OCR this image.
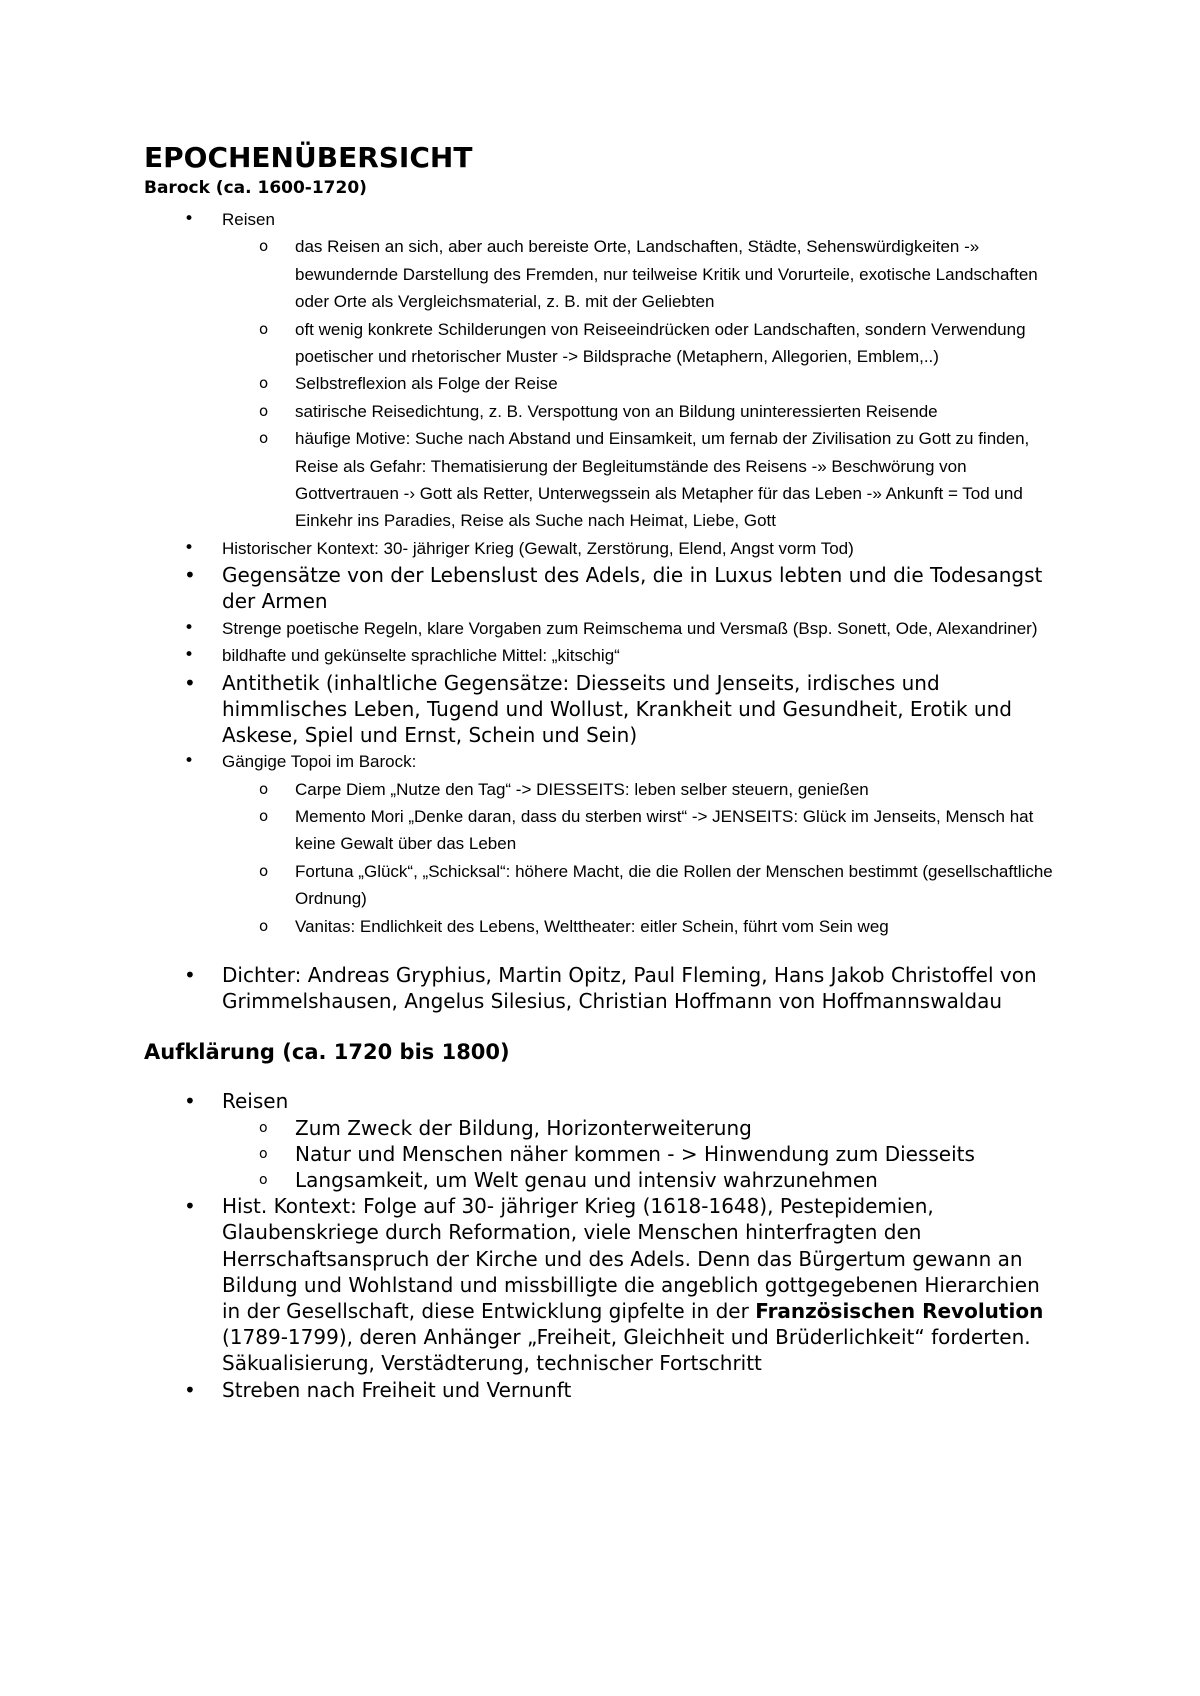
EPOCHENÜBERSICHT
Barock (ca. 1600-1720)
• Reisen
o das Reisen an sich, aber auch bereiste Orte, Landschaften, Städte, Sehenswürdigkeiten -» bewundernde Darstellung des Fremden, nur teilweise Kritik und Vorurteile, exotische Landschaften oder Orte als Vergleichsmaterial, z. B. mit der Geliebten
o oft wenig konkrete Schilderungen von Reiseeindrücken oder Landschaften, sondern Verwendung poetischer und rhetorischer Muster -> Bildsprache (Metaphern, Allegorien, Emblem,..)
o Selbstreflexion als Folge der Reise
o satirische Reisedichtung, z. B. Verspottung von an Bildung uninteressierten Reisende
o häufige Motive: Suche nach Abstand und Einsamkeit, um fernab der Zivilisation zu Gott zu finden, Reise als Gefahr: Thematisierung der Begleitumstände des Reisens -» Beschwörung von Gottvertrauen -› Gott als Retter, Unterwegssein als Metapher für das Leben -» Ankunft = Tod und Einkehr ins Paradies, Reise als Suche nach Heimat, Liebe, Gott
• Historischer Kontext: 30- jähriger Krieg (Gewalt, Zerstörung, Elend, Angst vorm Tod)
• Gegensätze von der Lebenslust des Adels, die in Luxus lebten und die Todesangst der Armen
• Strenge poetische Regeln, klare Vorgaben zum Reimschema und Versmaß (Bsp. Sonett, Ode, Alexandriner)
• bildhafte und gekünselte sprachliche Mittel: „kitschig“
• Antithetik (inhaltliche Gegensätze: Diesseits und Jenseits, irdisches und himmlisches Leben, Tugend und Wollust, Krankheit und Gesundheit, Erotik und Askese, Spiel und Ernst, Schein und Sein)
• Gängige Topoi im Barock:
o Carpe Diem „Nutze den Tag“ -> DIESSEITS: leben selber steuern, genießen
o Memento Mori „Denke daran, dass du sterben wirst“ -> JENSEITS: Glück im Jenseits, Mensch hat keine Gewalt über das Leben
o Fortuna „Glück“, „Schicksal“: höhere Macht, die die Rollen der Menschen bestimmt (gesellschaftliche Ordnung)
o Vanitas: Endlichkeit des Lebens, Welttheater: eitler Schein, führt vom Sein weg
• Dichter: Andreas Gryphius, Martin Opitz, Paul Fleming, Hans Jakob Christoffel von Grimmelshausen, Angelus Silesius, Christian Hoffmann von Hoffmannswaldau
Aufklärung (ca. 1720 bis 1800)
• Reisen
o Zum Zweck der Bildung, Horizonterweiterung
o Natur und Menschen näher kommen - > Hinwendung zum Diesseits
o Langsamkeit, um Welt genau und intensiv wahrzunehmen
• Hist. Kontext: Folge auf 30- jähriger Krieg (1618-1648), Pestepidemien, Glaubenskriege durch Reformation, viele Menschen hinterfragten den Herrschaftsanspruch der Kirche und des Adels. Denn das Bürgertum gewann an Bildung und Wohlstand und missbilligte die angeblich gottgegebenen Hierarchien in der Gesellschaft, diese Entwicklung gipfelte in der Französischen Revolution (1789-1799), deren Anhänger „Freiheit, Gleichheit und Brüderlichkeit“ forderten. Säkualisierung, Verstädterung, technischer Fortschritt
• Streben nach Freiheit und Vernunft
